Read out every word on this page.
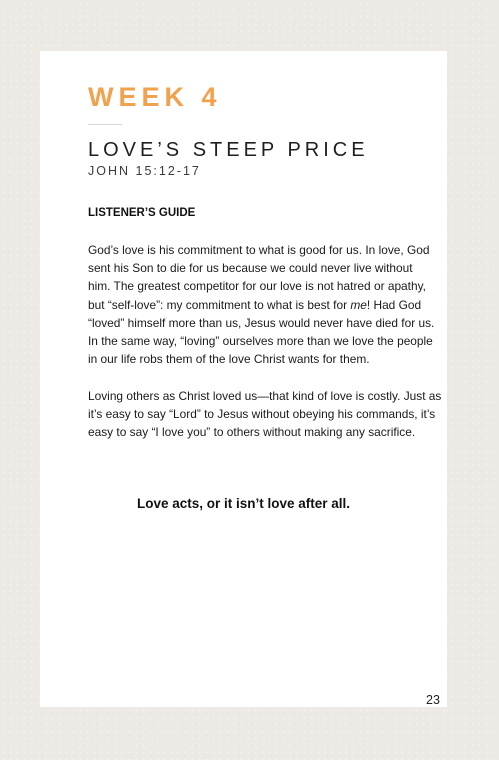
WEEK 4
LOVE’S STEEP PRICE
JOHN 15:12-17
LISTENER’S GUIDE

God’s love is his commitment to what is good for us. In love, God
sent his Son to die for us because we could never live without
him. The greatest competitor for our love is not hatred or apathy,
but “self-love”: my commitment to what is best for me! Had God
“loved” himself more than us, Jesus would never have died for us.
In the same way, “loving” ourselves more than we love the people
in our life robs them of the love Christ wants for them.

Loving others as Christ loved us—that kind of love is costly. Just as
it’s easy to say “Lord” to Jesus without obeying his commands, it’s
easy to say “I love you” to others without making any sacrifice.

Love acts, or it isn’t love after all.
23
